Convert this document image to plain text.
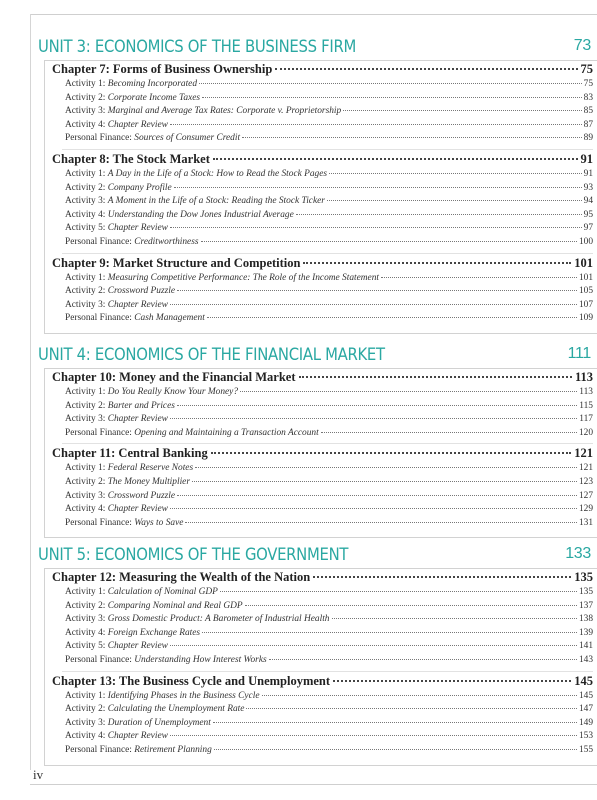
iv
UNIT 3: ECONOMICS OF THE BUSINESS FIRM	73
Chapter 7: Forms of Business Ownership	75
Activity 1:
Becoming Incorporated	75
Activity 2:
Corporate Income Taxes	83
Activity 3:
Marginal and Average Tax Rates: Corporate v. Proprietorship	85
Activity 4:
Chapter Review	87
Personal Finance:
Sources of Consumer Credit	89
Chapter 8: The Stock Market	91
Activity 1:
A Day in the Life of a Stock: How to Read the Stock Pages	91
Activity 2:
Company Profile	93
Activity 3:
A Moment in the Life of a Stock: Reading the Stock Ticker	94
Activity 4:
Understanding the Dow Jones Industrial Average	95
Activity 5:
Chapter Review	97
Personal Finance:
Creditworthiness	100
Chapter 9: Market Structure and Competition	101
Activity 1:
Measuring Competitive Performance: The Role of the Income Statement	101
Activity 2:
Crossword Puzzle	105
Activity 3:
Chapter Review	107
Personal Finance:
Cash Management	109
UNIT 4: ECONOMICS OF THE FINANCIAL MARKET	111
Chapter 10: Money and the Financial Market	113
Activity 1:
Do You Really Know Your Money?	113
Activity 2:
Barter and Prices	115
Activity 3:
Chapter Review	117
Personal Finance:
Opening and Maintaining a Transaction Account	120
Chapter 11: Central Banking	121
Activity 1:
Federal Reserve Notes	121
Activity 2:
The Money Multiplier	123
Activity 3:
Crossword Puzzle	127
Activity 4:
Chapter Review	129
Personal Finance:
Ways to Save	131
UNIT 5: ECONOMICS OF THE GOVERNMENT	133
Chapter 12: Measuring the Wealth of the Nation	135
Activity 1:
Calculation of Nominal GDP	135
Activity 2:
Comparing Nominal and Real GDP	137
Activity 3:
Gross Domestic Product: A Barometer of Industrial Health	138
Activity 4:
Foreign Exchange Rates	139
Activity 5:
Chapter Review	141
Personal Finance:
Understanding How Interest Works	143
Chapter 13: The Business Cycle and Unemployment	145
Activity 1:
Identifying Phases in the Business Cycle	145
Activity 2:
Calculating the Unemployment Rate	147
Activity 3:
Duration of Unemployment	149
Activity 4:
Chapter Review	153
Personal Finance:
Retirement Planning	155
